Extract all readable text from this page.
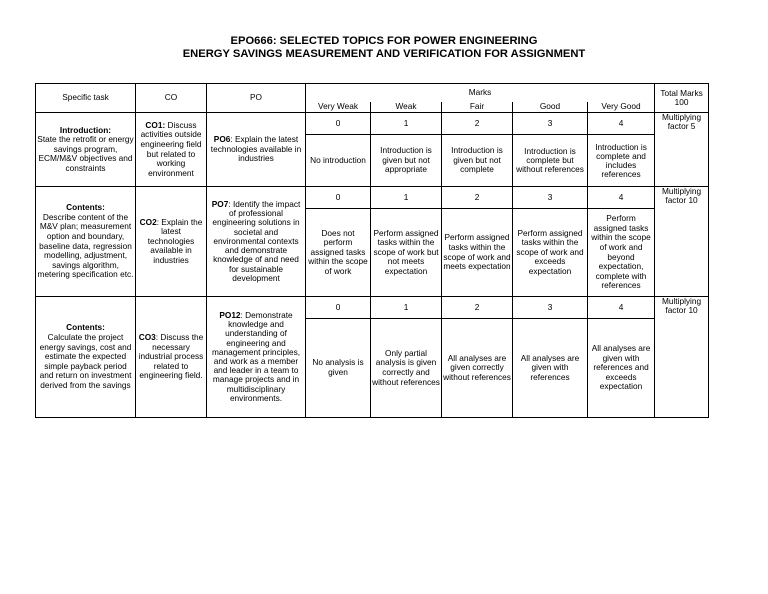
EPO666: SELECTED TOPICS FOR POWER ENGINEERING
ENERGY SAVINGS MEASUREMENT AND VERIFICATION FOR ASSIGNMENT
Specific task	CO	PO	Marks					Total Marks 100
			Very Weak	Weak	Fair	Good	Very Good	
Introduction:
State the retrofit or energy savings program, ECM/M&V objectives and constraints	CO1: Discuss activities outside engineering field but related to working environment	PO6: Explain the latest technologies available in industries	0	1	2	3	4	Multiplying factor 5
			No introduction	Introduction is given but not appropriate	Introduction is given but not complete	Introduction is complete but without references	Introduction is complete and includes references	
Contents:
Describe content of the M&V plan; measurement option and boundary, baseline data, regression modelling, adjustment, savings algorithm, metering specification etc.	CO2: Explain the latest technologies available in industries	PO7: Identify the impact of professional engineering solutions in societal and environmental contexts and demonstrate knowledge of and need for sustainable development	0	1	2	3	4	Multiplying factor 10
			Does not perform assigned tasks within the scope of work	Perform assigned tasks within the scope of work but not meets expectation	Perform assigned tasks within the scope of work and meets expectation	Perform assigned tasks within the scope of work and exceeds expectation	Perform assigned tasks within the scope of work and beyond expectation, complete with references	
Contents:
Calculate the project energy savings, cost and estimate the expected simple payback period and return on investment derived from the savings	CO3: Discuss the necessary industrial process related to engineering field.	PO12: Demonstrate knowledge and understanding of engineering and management principles, and work as a member and leader in a team to manage projects and in multidisciplinary environments.	0	1	2	3	4	Multiplying factor 10
			No analysis is given	Only partial analysis is given correctly and without references	All analyses are given correctly without references	All analyses are given with references	All analyses are given with references and exceeds expectation	
